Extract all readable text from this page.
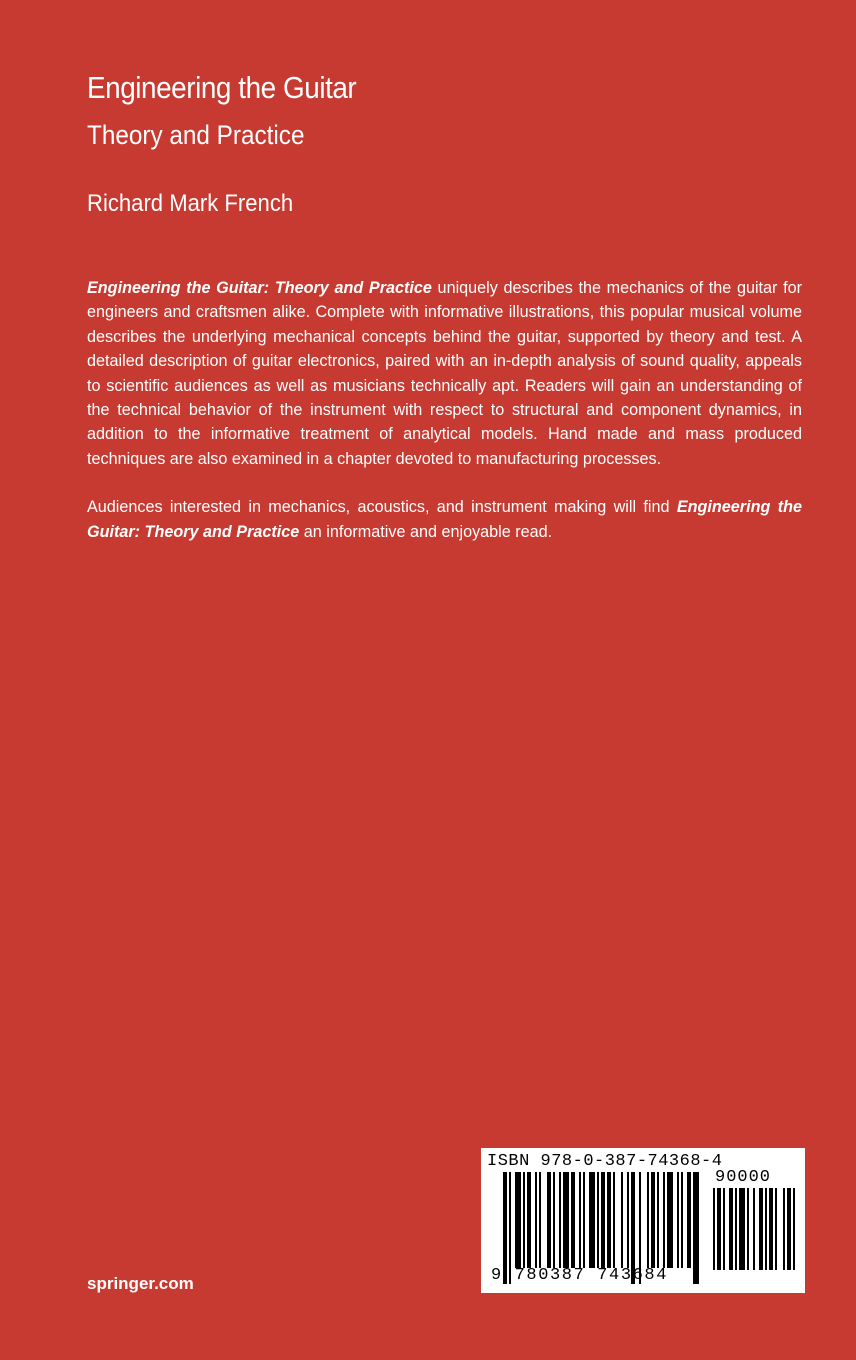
Engineering the Guitar
Theory and Practice
Richard Mark French

Engineering the Guitar: Theory and Practice uniquely describes the mechanics of the guitar for engineers and craftsmen alike. Complete with informative illustrations, this popular musical volume describes the underlying mechanical concepts behind the guitar, supported by theory and test. A detailed description of guitar electronics, paired with an in-depth analysis of sound quality, appeals to scientific audiences as well as musicians technically apt. Readers will gain an understanding of the technical behavior of the instrument with respect to structural and component dynamics, in addition to the informative treatment of analytical models. Hand made and mass produced techniques are also examined in a chapter devoted to manufacturing processes.

Audiences interested in mechanics, acoustics, and instrument making will find Engineering the Guitar: Theory and Practice an informative and enjoyable read.

springer.com
ISBN 978-0-387-74368-4
90000
9 780387 743684
